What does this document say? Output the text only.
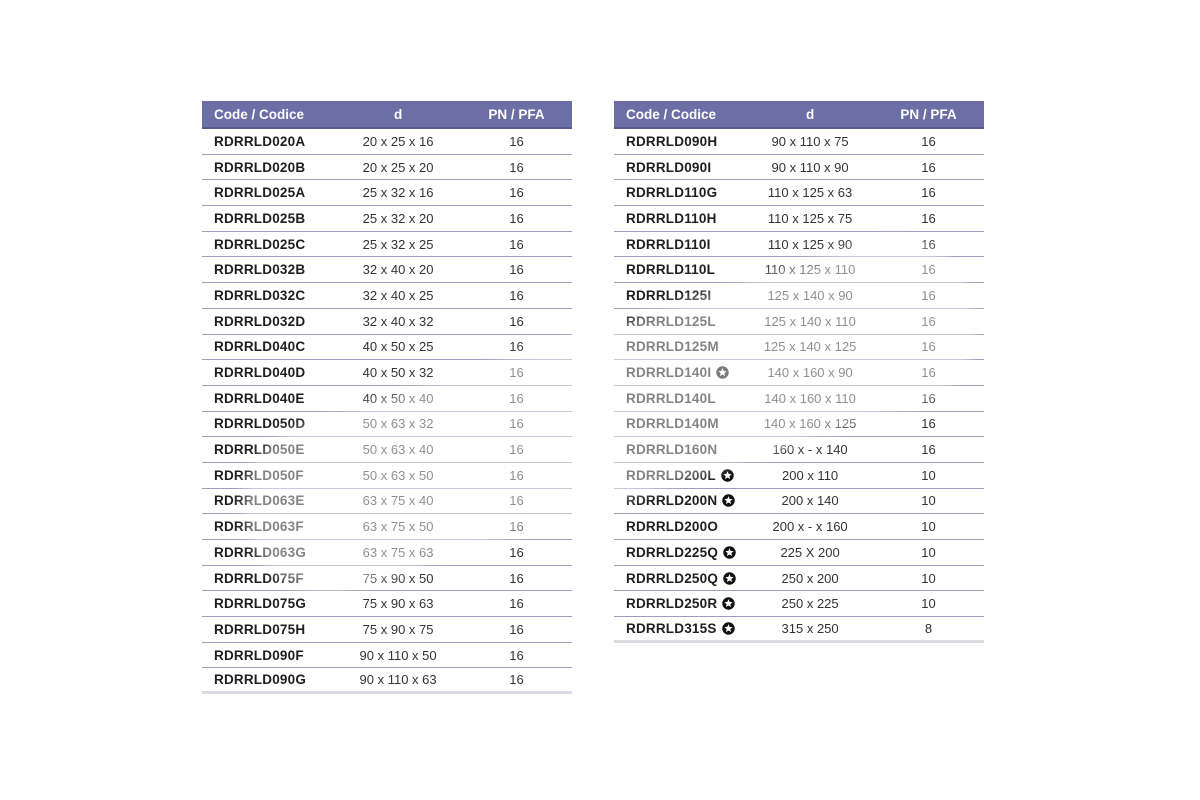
Code / Codice	d	PN / PFA
RDRRLD020A	20 x 25 x 16	16
RDRRLD020B	20 x 25 x 20	16
RDRRLD025A	25 x 32 x 16	16
RDRRLD025B	25 x 32 x 20	16
RDRRLD025C	25 x 32 x 25	16
RDRRLD032B	32 x 40 x 20	16
RDRRLD032C	32 x 40 x 25	16
RDRRLD032D	32 x 40 x 32	16
RDRRLD040C	40 x 50 x 25	16
RDRRLD040D	40 x 50 x 32	16
RDRRLD040E	40 x 50 x 40	16
RDRRLD050D	50 x 63 x 32	16
RDRRLD050E	50 x 63 x 40	16
RDRRLD050F	50 x 63 x 50	16
RDRRLD063E	63 x 75 x 40	16
RDRRLD063F	63 x 75 x 50	16
RDRRLD063G	63 x 75 x 63	16
RDRRLD075F	75 x 90 x 50	16
RDRRLD075G	75 x 90 x 63	16
RDRRLD075H	75 x 90 x 75	16
RDRRLD090F	90 x 110 x 50	16
RDRRLD090G	90 x 110 x 63	16
Code / Codice	d	PN / PFA
RDRRLD090H	90 x 110 x 75	16
RDRRLD090I	90 x 110 x 90	16
RDRRLD110G	110 x 125 x 63	16
RDRRLD110H	110 x 125 x 75	16
RDRRLD110I	110 x 125 x 90	16
RDRRLD110L	110 x 125 x 110	16
RDRRLD125I	125 x 140 x 90	16
RDRRLD125L	125 x 140 x 110	16
RDRRLD125M	125 x 140 x 125	16
RDRRLD140I	140 x 160 x 90	16
RDRRLD140L	140 x 160 x 110	16
RDRRLD140M	140 x 160 x 125	16
RDRRLD160N	160 x - x 140	16
RDRRLD200L	200 x 110	10
RDRRLD200N	200 x 140	10
RDRRLD200O	200 x - x 160	10
RDRRLD225Q	225 X 200	10
RDRRLD250Q	250 x 200	10
RDRRLD250R	250 x 225	10
RDRRLD315S	315 x 250	8
